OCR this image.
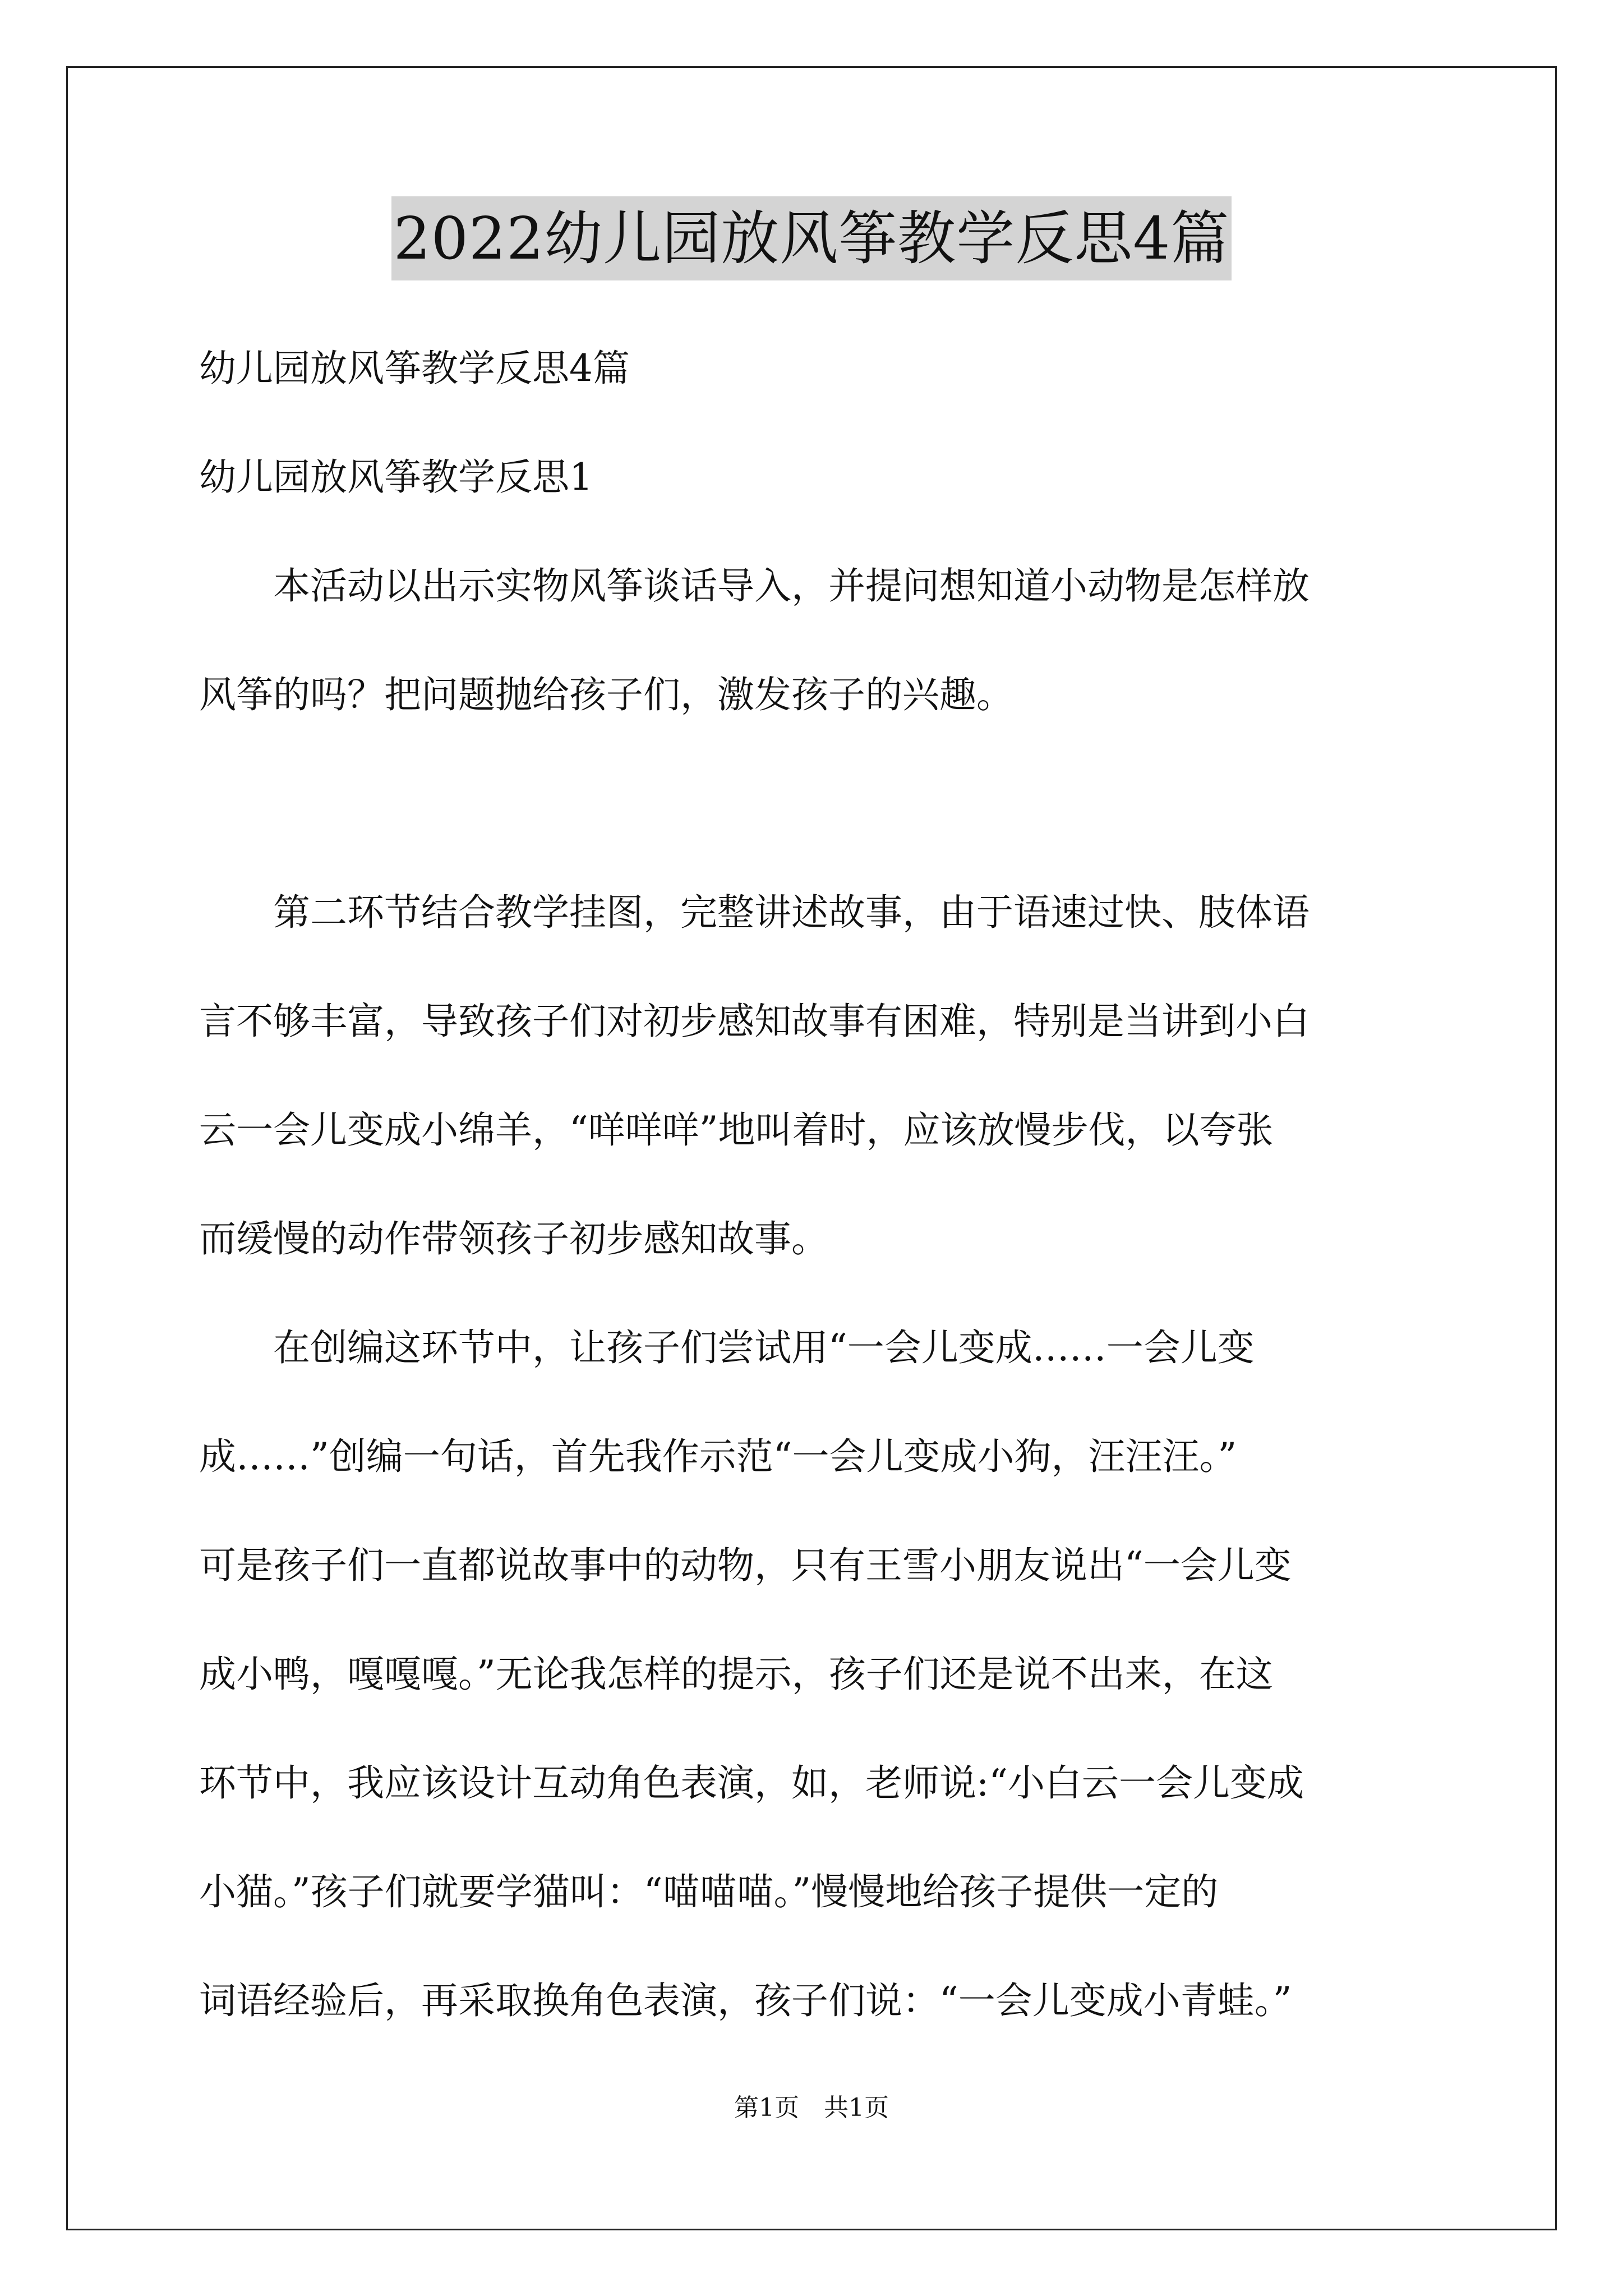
2022幼儿园放风筝教学反思4篇
幼儿园放风筝教学反思4篇
幼儿园放风筝教学反思1
本活动以出示实物风筝谈话导入，并提问想知道小动物是怎样放
风筝的吗？把问题抛给孩子们，激发孩子的兴趣。
第二环节结合教学挂图，完整讲述故事，由于语速过快、肢体语
言不够丰富，导致孩子们对初步感知故事有困难，特别是当讲到小白
云一会儿变成小绵羊，“咩咩咩”地叫着时，应该放慢步伐，以夸张
而缓慢的动作带领孩子初步感知故事。
在创编这环节中，让孩子们尝试用“一会儿变成……一会儿变
成……”创编一句话，首先我作示范“一会儿变成小狗，汪汪汪。”
可是孩子们一直都说故事中的动物，只有王雪小朋友说出“一会儿变
成小鸭，嘎嘎嘎。”无论我怎样的提示，孩子们还是说不出来，在这
环节中，我应该设计互动角色表演，如，老师说:“小白云一会儿变成
小猫。”孩子们就要学猫叫：“喵喵喵。”慢慢地给孩子提供一定的
词语经验后，再采取换角色表演，孩子们说：“一会儿变成小青蛙。”
第1页　共1页
